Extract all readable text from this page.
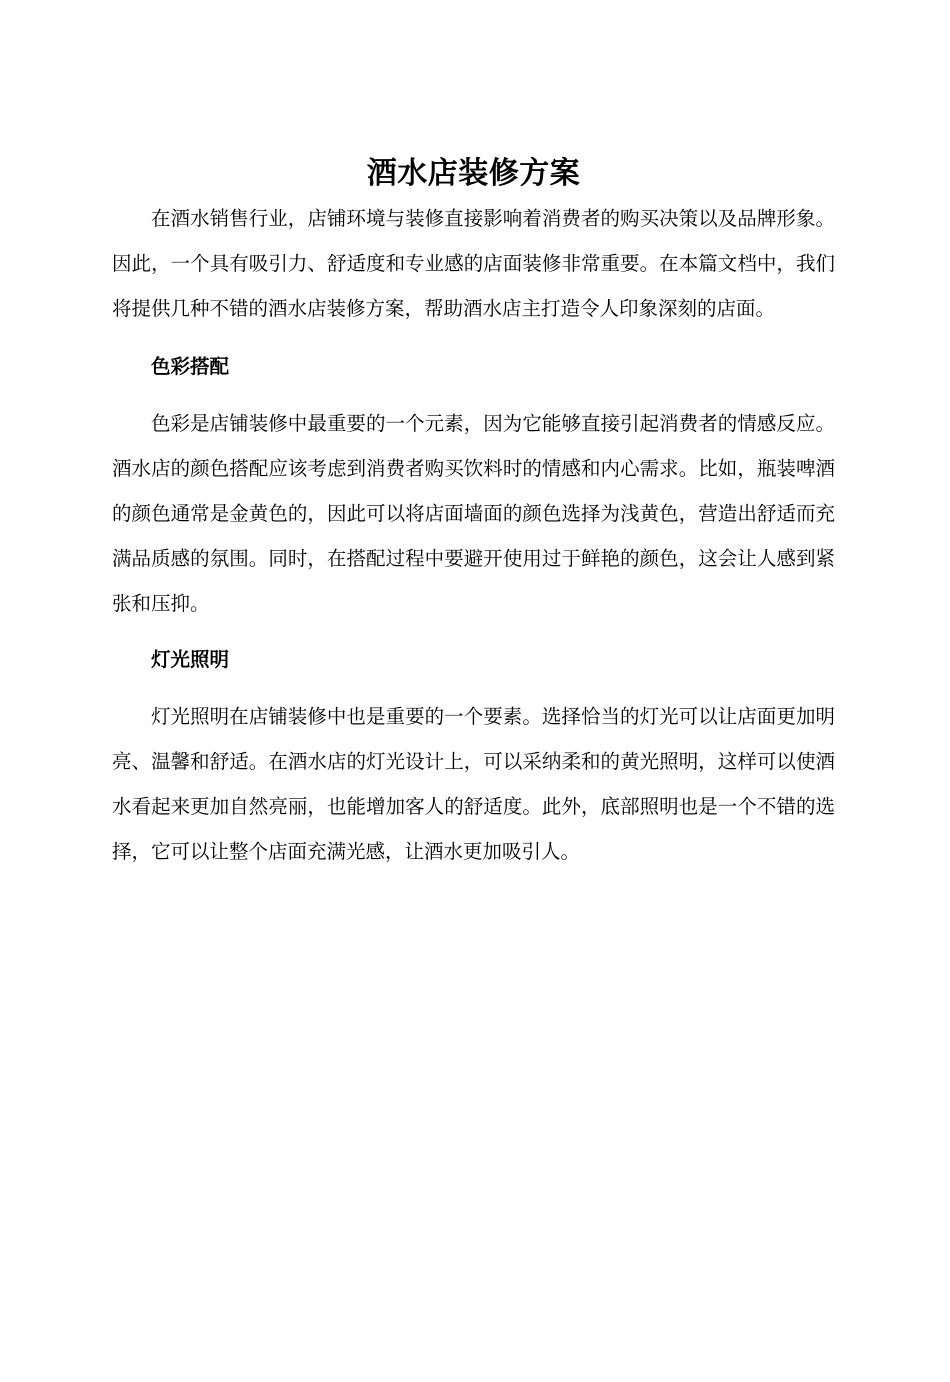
酒水店装修方案

在酒水销售行业，店铺环境与装修直接影响着消费者的购买决策以及品牌形象。因此，一个具有吸引力、舒适度和专业感的店面装修非常重要。在本篇文档中，我们将提供几种不错的酒水店装修方案，帮助酒水店主打造令人印象深刻的店面。

色彩搭配

色彩是店铺装修中最重要的一个元素，因为它能够直接引起消费者的情感反应。酒水店的颜色搭配应该考虑到消费者购买饮料时的情感和内心需求。比如，瓶装啤酒的颜色通常是金黄色的，因此可以将店面墙面的颜色选择为浅黄色，营造出舒适而充满品质感的氛围。同时，在搭配过程中要避开使用过于鲜艳的颜色，这会让人感到紧张和压抑。

灯光照明

灯光照明在店铺装修中也是重要的一个要素。选择恰当的灯光可以让店面更加明亮、温馨和舒适。在酒水店的灯光设计上，可以采纳柔和的黄光照明，这样可以使酒水看起来更加自然亮丽，也能增加客人的舒适度。此外，底部照明也是一个不错的选择，它可以让整个店面充满光感，让酒水更加吸引人。
